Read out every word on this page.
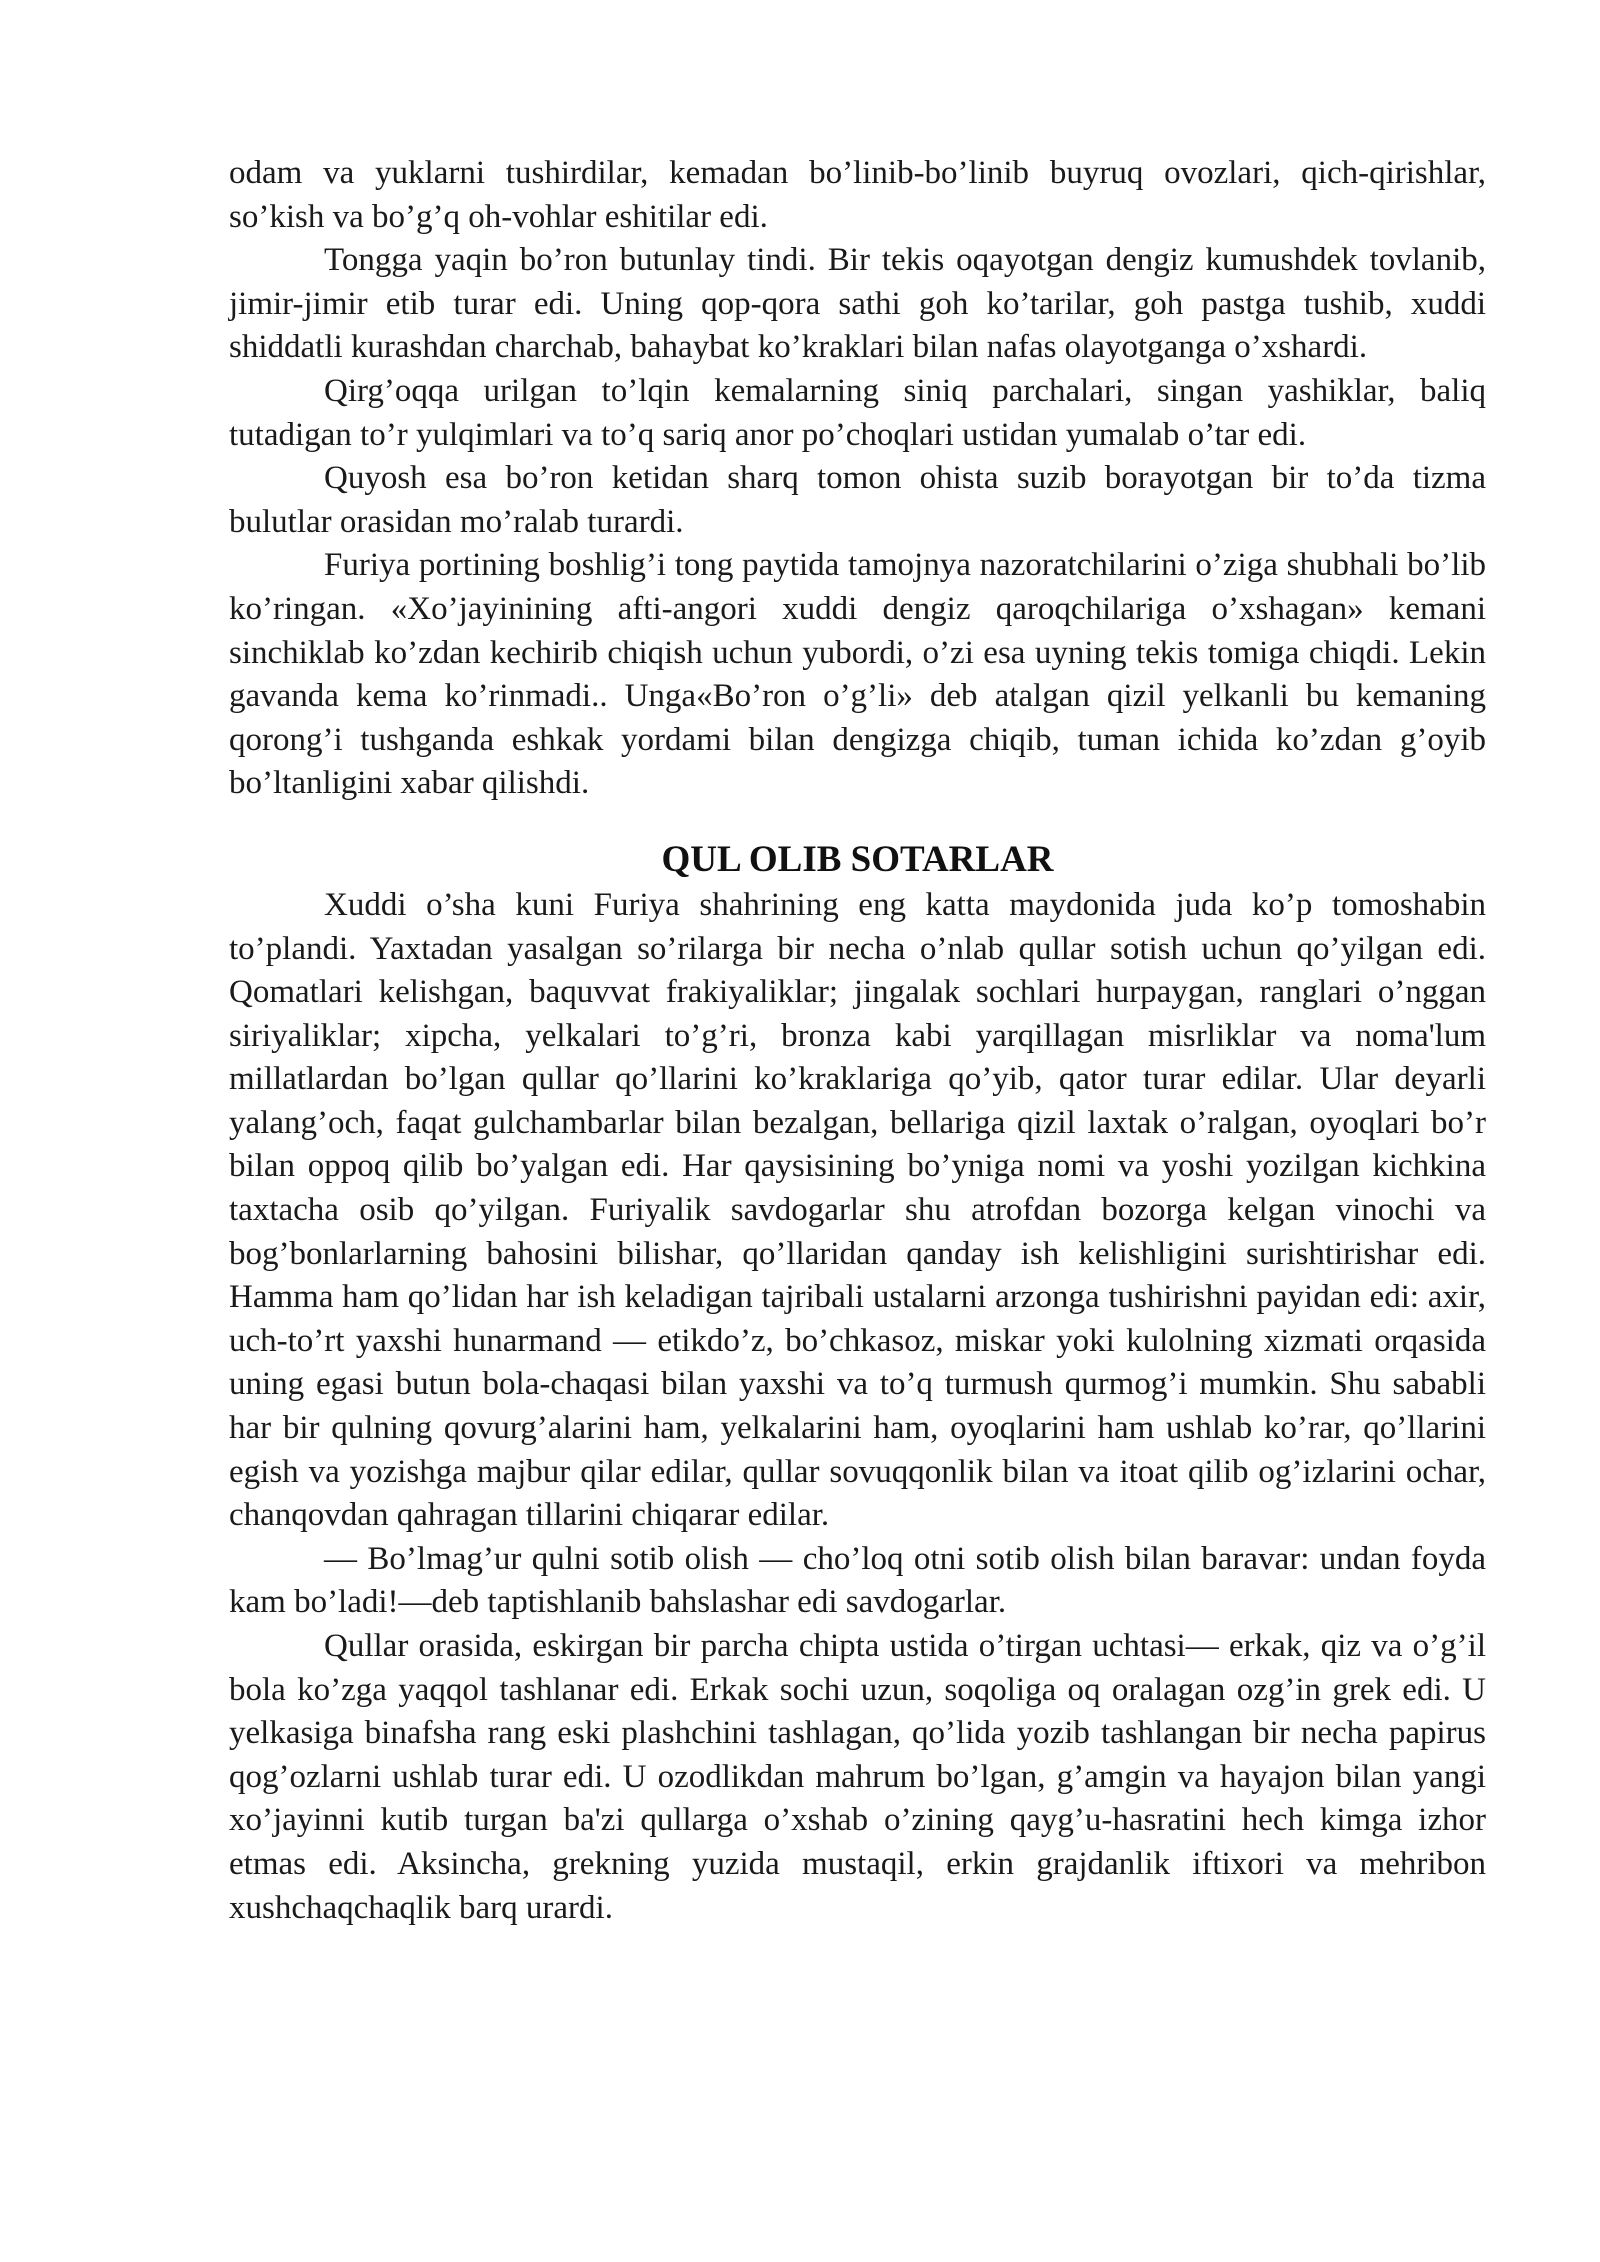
odam va yuklarni tushirdilar, kemadan bo’linib-bo’linib buyruq ovozlari, qich-qirishlar, so’kish va bo’g’q oh-vohlar eshitilar edi.

Tongga yaqin bo’ron butunlay tindi. Bir tekis oqayotgan dengiz kumushdek tovlanib, jimir-jimir etib turar edi. Uning qop-qora sathi goh ko’tarilar, goh pastga tushib, xuddi shiddatli kurashdan charchab, bahaybat ko’kraklari bilan nafas olayotganga o’xshardi.

Qirg’oqqa urilgan to’lqin kemalarning siniq parchalari, singan yashiklar, baliq tutadigan to’r yulqimlari va to’q sariq anor po’choqlari ustidan yumalab o’tar edi.

Quyosh esa bo’ron ketidan sharq tomon ohista suzib borayotgan bir to’da tizma bulutlar orasidan mo’ralab turardi.

Furiya portining boshlig’i tong paytida tamojnya nazoratchilarini o’ziga shubhali bo’lib ko’ringan. «Xo’jayinining afti-angori xuddi dengiz qaroqchilariga o’xshagan» kemani sinchiklab ko’zdan kechirib chiqish uchun yubordi, o’zi esa uyning tekis tomiga chiqdi. Lekin gavanda kema ko’rinmadi.. Unga«Bo’ron o’g’li» deb atalgan qizil yelkanli bu kemaning qorong’i tushganda eshkak yordami bilan dengizga chiqib, tuman ichida ko’zdan g’oyib bo’ltanligini xabar qilishdi.

QUL OLIB SOTARLAR

Xuddi o’sha kuni Furiya shahrining eng katta maydonida juda ko’p tomoshabin to’plandi. Yaxtadan yasalgan so’rilarga bir necha o’nlab qullar sotish uchun qo’yilgan edi. Qomatlari kelishgan, baquvvat frakiyaliklar; jingalak sochlari hurpaygan, ranglari o’nggan siriyaliklar; xipcha, yelkalari to’g’ri, bronza kabi yarqillagan misrliklar va noma'lum millatlardan bo’lgan qullar qo’llarini ko’kraklariga qo’yib, qator turar edilar. Ular deyarli yalang’och, faqat gulchambarlar bilan bezalgan, bellariga qizil laxtak o’ralgan, oyoqlari bo’r bilan oppoq qilib bo’yalgan edi. Har qaysisining bo’yniga nomi va yoshi yozilgan kichkina taxtacha osib qo’yilgan. Furiyalik savdogarlar shu atrofdan bozorga kelgan vinochi va bog’bonlarlarning bahosini bilishar, qo’llaridan qanday ish kelishligini surishtirishar edi. Hamma ham qo’lidan har ish keladigan tajribali ustalarni arzonga tushirishni payidan edi: axir, uch-to’rt yaxshi hunarmand — etikdo’z, bo’chkasoz, miskar yoki kulolning xizmati orqasida uning egasi butun bola-chaqasi bilan yaxshi va to’q turmush qurmog’i mumkin. Shu sababli har bir qulning qovurg’alarini ham, yelkalarini ham, oyoqlarini ham ushlab ko’rar, qo’llarini egish va yozishga majbur qilar edilar, qullar sovuqqonlik bilan va itoat qilib og’izlarini ochar, chanqovdan qahragan tillarini chiqarar edilar.

— Bo’lmag’ur qulni sotib olish — cho’loq otni sotib olish bilan baravar: undan foyda kam bo’ladi!—deb taptishlanib bahslashar edi savdogarlar.

Qullar orasida, eskirgan bir parcha chipta ustida o’tirgan uchtasi— erkak, qiz va o’g’il bola ko’zga yaqqol tashlanar edi. Erkak sochi uzun, soqoliga oq oralagan ozg’in grek edi. U yelkasiga binafsha rang eski plashchini tashlagan, qo’lida yozib tashlangan bir necha papirus qog’ozlarni ushlab turar edi. U ozodlikdan mahrum bo’lgan, g’amgin va hayajon bilan yangi xo’jayinni kutib turgan ba'zi qullarga o’xshab o’zining qayg’u-hasratini hech kimga izhor etmas edi. Aksincha, grekning yuzida mustaqil, erkin grajdanlik iftixori va mehribon xushchaqchaqlik barq urardi.
